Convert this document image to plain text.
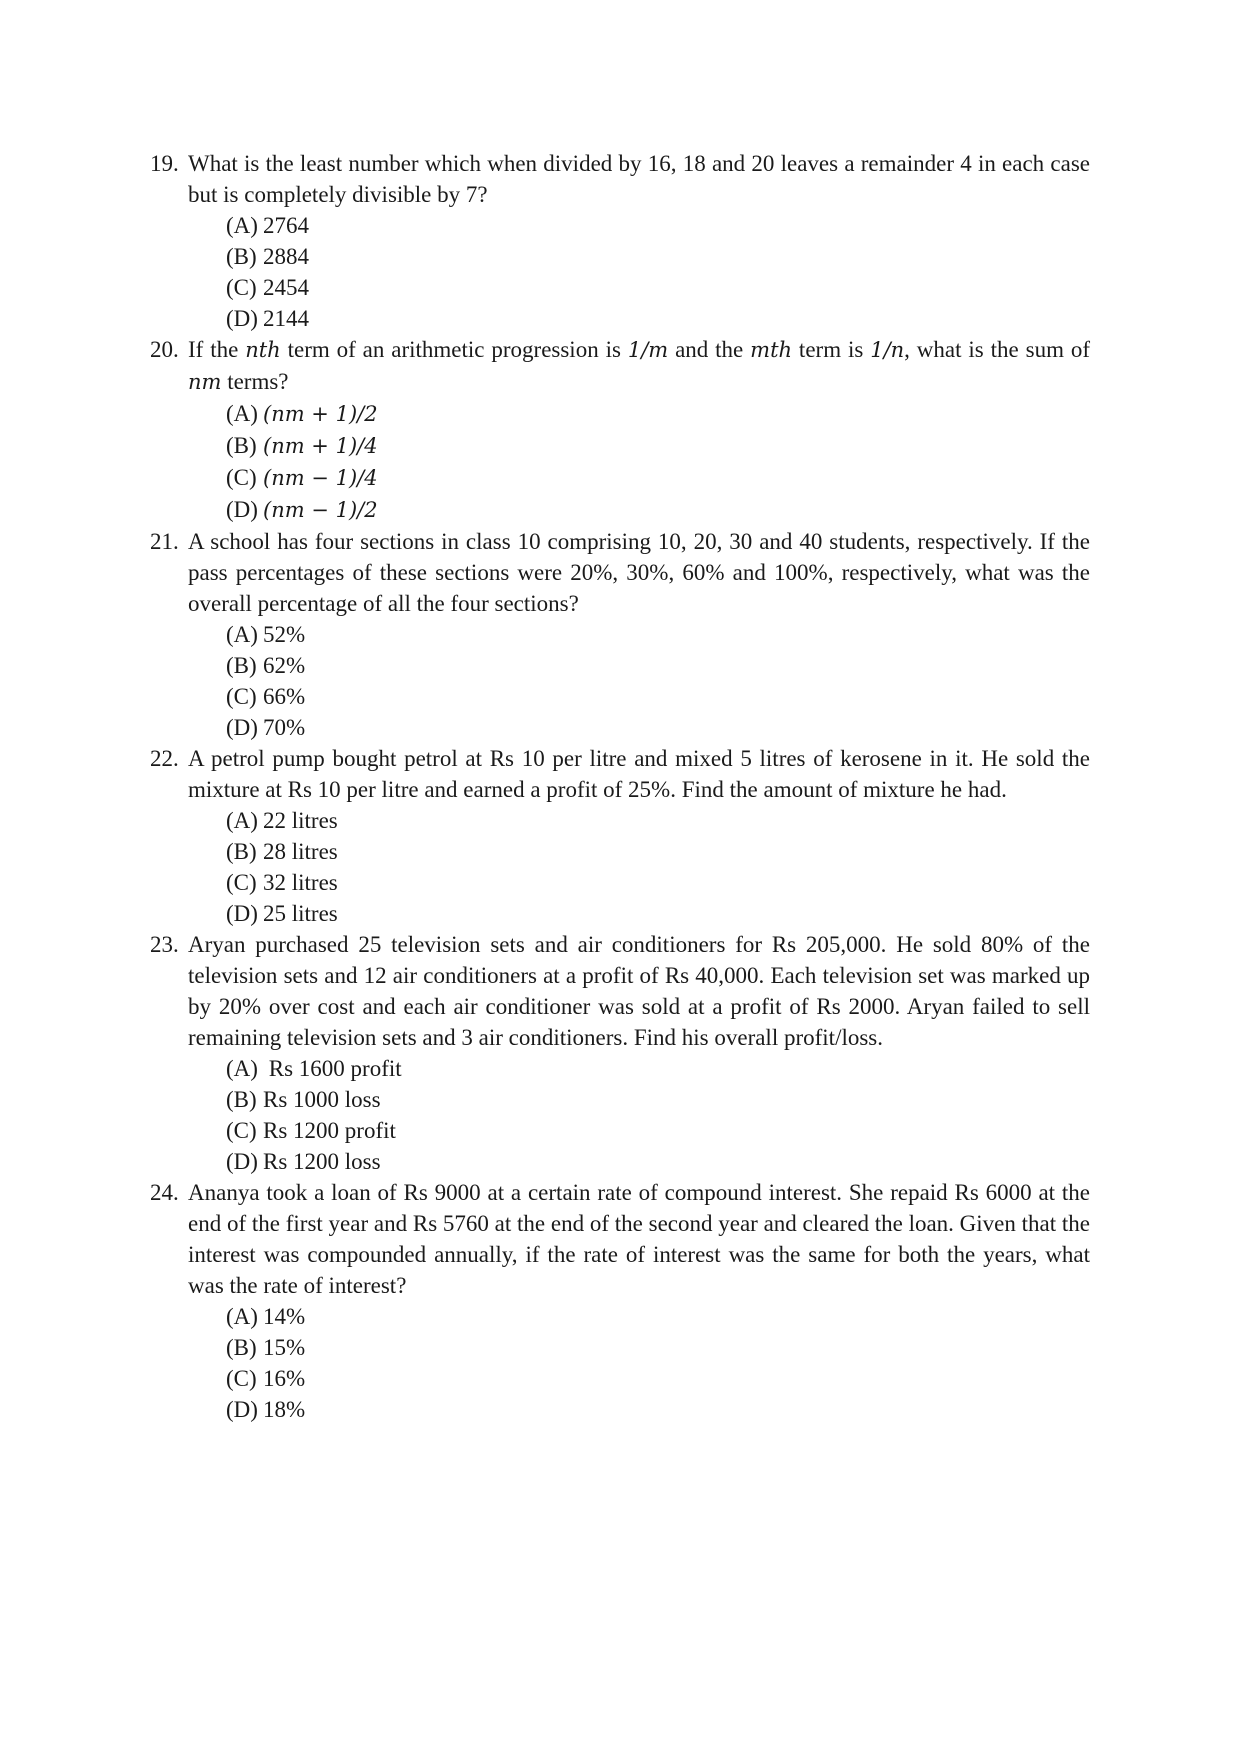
19. What is the least number which when divided by 16, 18 and 20 leaves a remainder 4 in each case but is completely divisible by 7?

(A) 2764
(B) 2884
(C) 2454
(D) 2144
20. If the nth term of an arithmetic progression is 1/m and the mth term is 1/n, what is the sum of nm terms?

(A) (nm + 1)/2
(B) (nm + 1)/4
(C) (nm − 1)/4
(D) (nm − 1)/2
21. A school has four sections in class 10 comprising 10, 20, 30 and 40 students, respectively. If the pass percentages of these sections were 20%, 30%, 60% and 100%, respectively, what was the overall percentage of all the four sections?

(A) 52%
(B) 62%
(C) 66%
(D) 70%
22. A petrol pump bought petrol at Rs 10 per litre and mixed 5 litres of kerosene in it. He sold the mixture at Rs 10 per litre and earned a profit of 25%. Find the amount of mixture he had.

(A) 22 litres
(B) 28 litres
(C) 32 litres
(D) 25 litres
23. Aryan purchased 25 television sets and air conditioners for Rs 205,000. He sold 80% of the television sets and 12 air conditioners at a profit of Rs 40,000. Each television set was marked up by 20% over cost and each air conditioner was sold at a profit of Rs 2000. Aryan failed to sell remaining television sets and 3 air conditioners. Find his overall profit/loss.

(A) Rs 1600 profit
(B) Rs 1000 loss
(C) Rs 1200 profit
(D) Rs 1200 loss
24. Ananya took a loan of Rs 9000 at a certain rate of compound interest. She repaid Rs 6000 at the end of the first year and Rs 5760 at the end of the second year and cleared the loan. Given that the interest was compounded annually, if the rate of interest was the same for both the years, what was the rate of interest?

(A) 14%
(B) 15%
(C) 16%
(D) 18%
